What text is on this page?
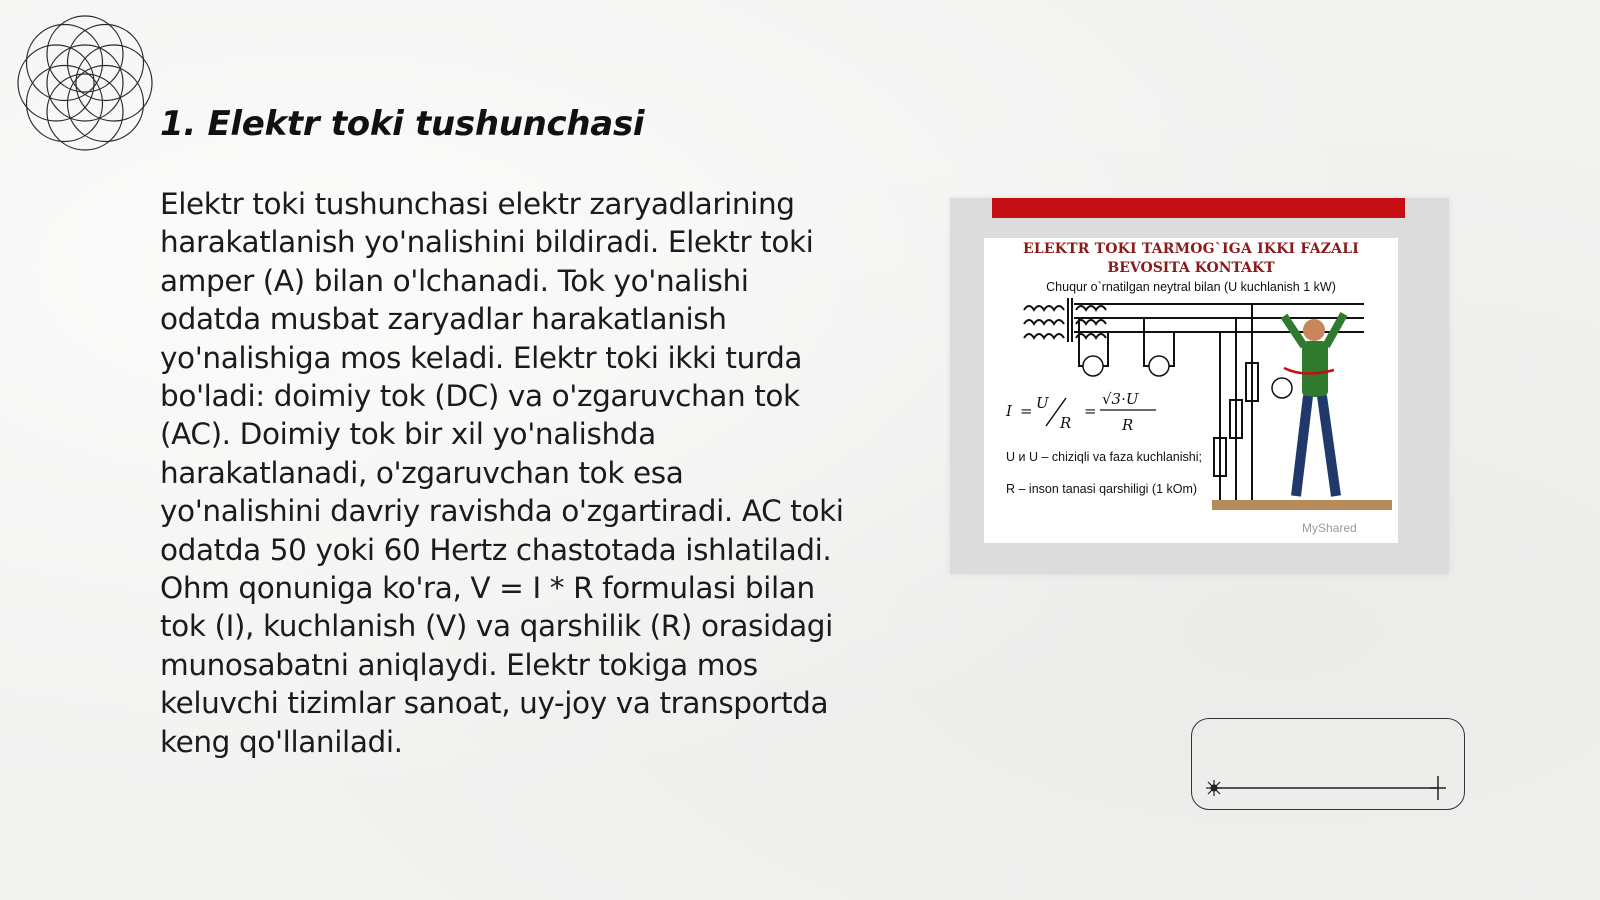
1. Elektr toki tushunchasi

Elektr toki tushunchasi elektr zaryadlarining harakatlanish yo'nalishini bildiradi. Elektr toki amper (A) bilan o'lchanadi. Tok yo'nalishi odatda musbat zaryadlar harakatlanish yo'nalishiga mos keladi. Elektr toki ikki turda bo'ladi: doimiy tok (DC) va o'zgaruvchan tok (AC). Doimiy tok bir xil yo'nalishda harakatlanadi, o'zgaruvchan tok esa yo'nalishini davriy ravishda o'zgartiradi. AC toki odatda 50 yoki 60 Hertz chastotada ishlatiladi. Ohm qonuniga ko'ra, V = I * R formulasi bilan tok (I), kuchlanish (V) va qarshilik (R) orasidagi munosabatni aniqlaydi. Elektr tokiga mos keluvchi tizimlar sanoat, uy-joy va transportda keng qo'llaniladi.

ELEKTR TOKI TARMOG`IGA IKKI FAZALI

BEVOSITA KONTAKT

Chuqur o`rnatilgan neytral bilan (U kuchlanish 1 kW)

I = U
R
=
√3·U
R

U и U – chiziqli va faza kuchlanishi;

R – inson tanasi qarshiligi (1 kOm)

MyShared
